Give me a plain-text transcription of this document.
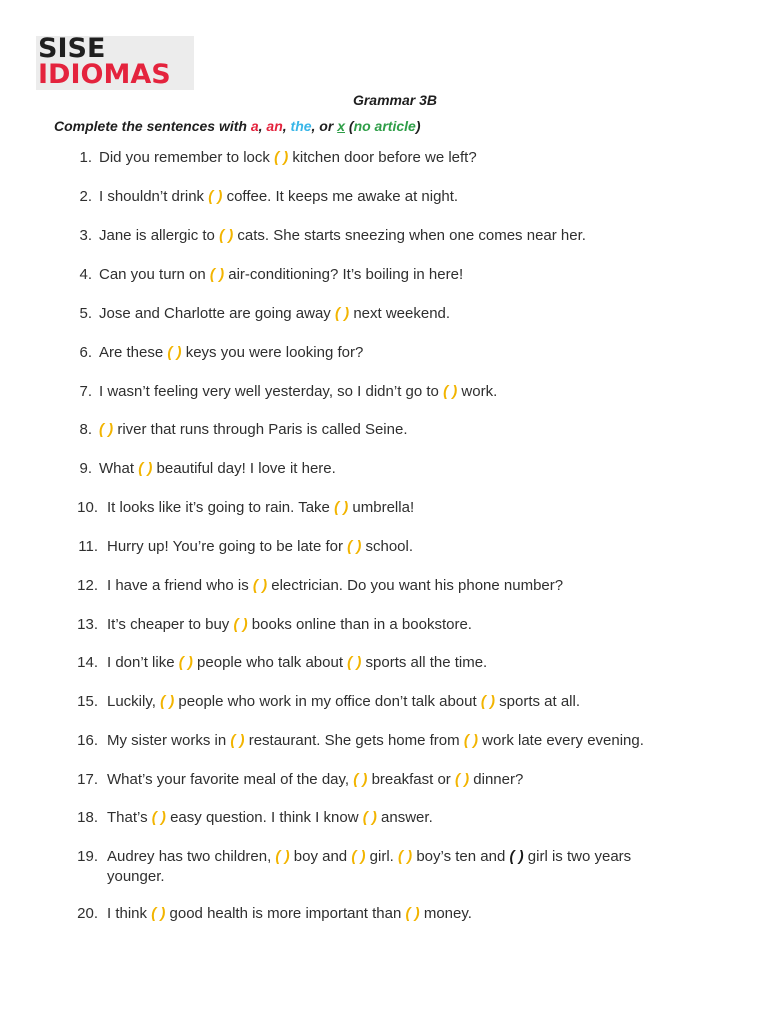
SISE
IDIOMAS
Grammar 3B
Complete the sentences with a, an, the, or x (no article)
1. Did you remember to lock ( ) kitchen door before we left?
2. I shouldn’t drink ( ) coffee. It keeps me awake at night.
3. Jane is allergic to ( ) cats. She starts sneezing when one comes near her.
4. Can you turn on ( ) air-conditioning? It’s boiling in here!
5. Jose and Charlotte are going away ( ) next weekend.
6. Are these ( ) keys you were looking for?
7. I wasn’t feeling very well yesterday, so I didn’t go to ( ) work.
8. ( ) river that runs through Paris is called Seine.
9. What ( ) beautiful day! I love it here.
10. It looks like it’s going to rain. Take ( ) umbrella!
11. Hurry up! You’re going to be late for ( ) school.
12. I have a friend who is ( ) electrician. Do you want his phone number?
13. It’s cheaper to buy ( ) books online than in a bookstore.
14. I don’t like ( ) people who talk about ( ) sports all the time.
15. Luckily, ( ) people who work in my office don’t talk about ( ) sports at all.
16. My sister works in ( ) restaurant. She gets home from ( ) work late every evening.
17. What’s your favorite meal of the day, ( ) breakfast or ( ) dinner?
18. That’s ( ) easy question. I think I know ( ) answer.
19. Audrey has two children, ( ) boy and ( ) girl. ( ) boy’s ten and ( ) girl is two years
younger.
20. I think ( ) good health is more important than ( ) money.
